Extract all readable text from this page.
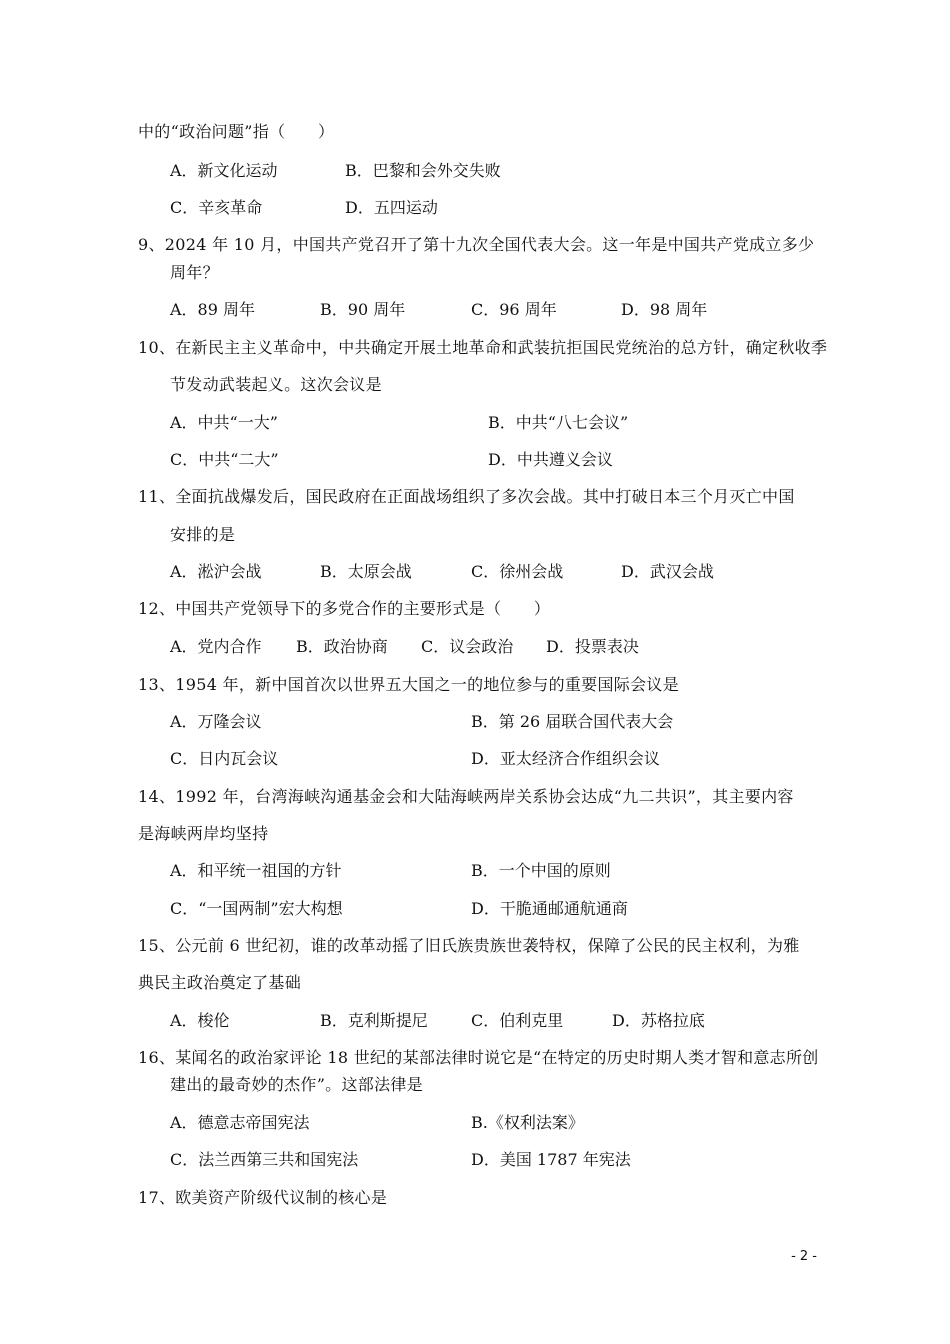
中的“政治问题”指（　　）
A．新文化运动	B．巴黎和会外交失败
C．辛亥革命	D．五四运动
9、2024 年 10 月，中国共产党召开了第十九次全国代表大会。这一年是中国共产党成立多少
周年？
A．89 周年	B．90 周年	C．96 周年	D．98 周年
10、在新民主主义革命中，中共确定开展土地革命和武装抗拒国民党统治的总方针，确定秋收季
节发动武装起义。这次会议是
A．中共“一大”	B．中共“八七会议”
C．中共“二大”	D．中共遵义会议
11、全面抗战爆发后，国民政府在正面战场组织了多次会战。其中打破日本三个月灭亡中国
安排的是
A．淞沪会战	B．太原会战	C．徐州会战	D．武汉会战
12、中国共产党领导下的多党合作的主要形式是（　　）
A．党内合作 B．政治协商 C．议会政治 D．投票表决
13、1954 年，新中国首次以世界五大国之一的地位参与的重要国际会议是
A．万隆会议	B．第 26 届联合国代表大会
C．日内瓦会议	D．亚太经济合作组织会议
14、1992 年，台湾海峡沟通基金会和大陆海峡两岸关系协会达成“九二共识”，其主要内容
是海峡两岸均坚持
A．和平统一祖国的方针	B．一个中国的原则
C．“一国两制”宏大构想	D．干脆通邮通航通商
15、公元前 6 世纪初，谁的改革动摇了旧氏族贵族世袭特权，保障了公民的民主权利，为雅
典民主政治奠定了基础
A．梭伦	B．克利斯提尼	C．伯利克里	D．苏格拉底
16、某闻名的政治家评论 18 世纪的某部法律时说它是“在特定的历史时期人类才智和意志所创
建出的最奇妙的杰作”。这部法律是
A．德意志帝国宪法	B.《权利法案》
C．法兰西第三共和国宪法	D．美国 1787 年宪法
17、欧美资产阶级代议制的核心是
- 2 -
